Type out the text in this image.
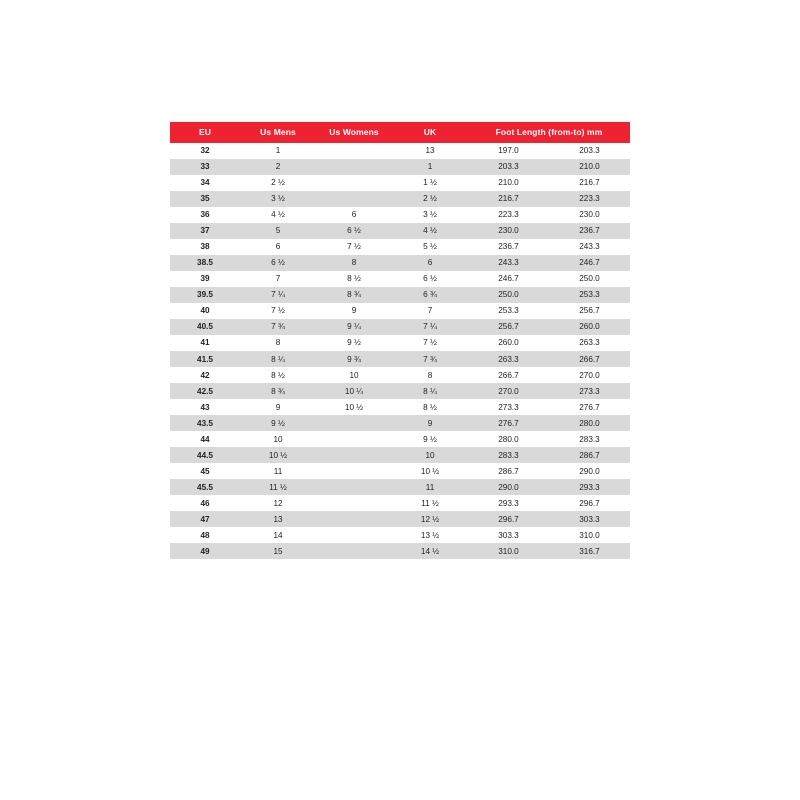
EU	Us Mens	Us Womens	UK	Foot Length (from-to) mm	
32	1		13	197.0	203.3
33	2		1	203.3	210.0
34	2 ½		1 ½	210.0	216.7
35	3 ½		2 ½	216.7	223.3
36	4 ½	6	3 ½	223.3	230.0
37	5	6 ½	4 ½	230.0	236.7
38	6	7 ½	5 ½	236.7	243.3
38.5	6 ½	8	6	243.3	246.7
39	7	8 ½	6 ½	246.7	250.0
39.5	7 ¼	8 ¾	6 ¾	250.0	253.3
40	7 ½	9	7	253.3	256.7
40.5	7 ¾	9 ¼	7 ¼	256.7	260.0
41	8	9 ½	7 ½	260.0	263.3
41.5	8 ¼	9 ¾	7 ¾	263.3	266.7
42	8 ½	10	8	266.7	270.0
42.5	8 ¾	10 ¼	8 ¼	270.0	273.3
43	9	10 ½	8 ½	273.3	276.7
43.5	9 ½		9	276.7	280.0
44	10		9 ½	280.0	283.3
44.5	10 ½		10	283.3	286.7
45	11		10 ½	286.7	290.0
45.5	11 ½		11	290.0	293.3
46	12		11 ½	293.3	296.7
47	13		12 ½	296.7	303.3
48	14		13 ½	303.3	310.0
49	15		14 ½	310.0	316.7
